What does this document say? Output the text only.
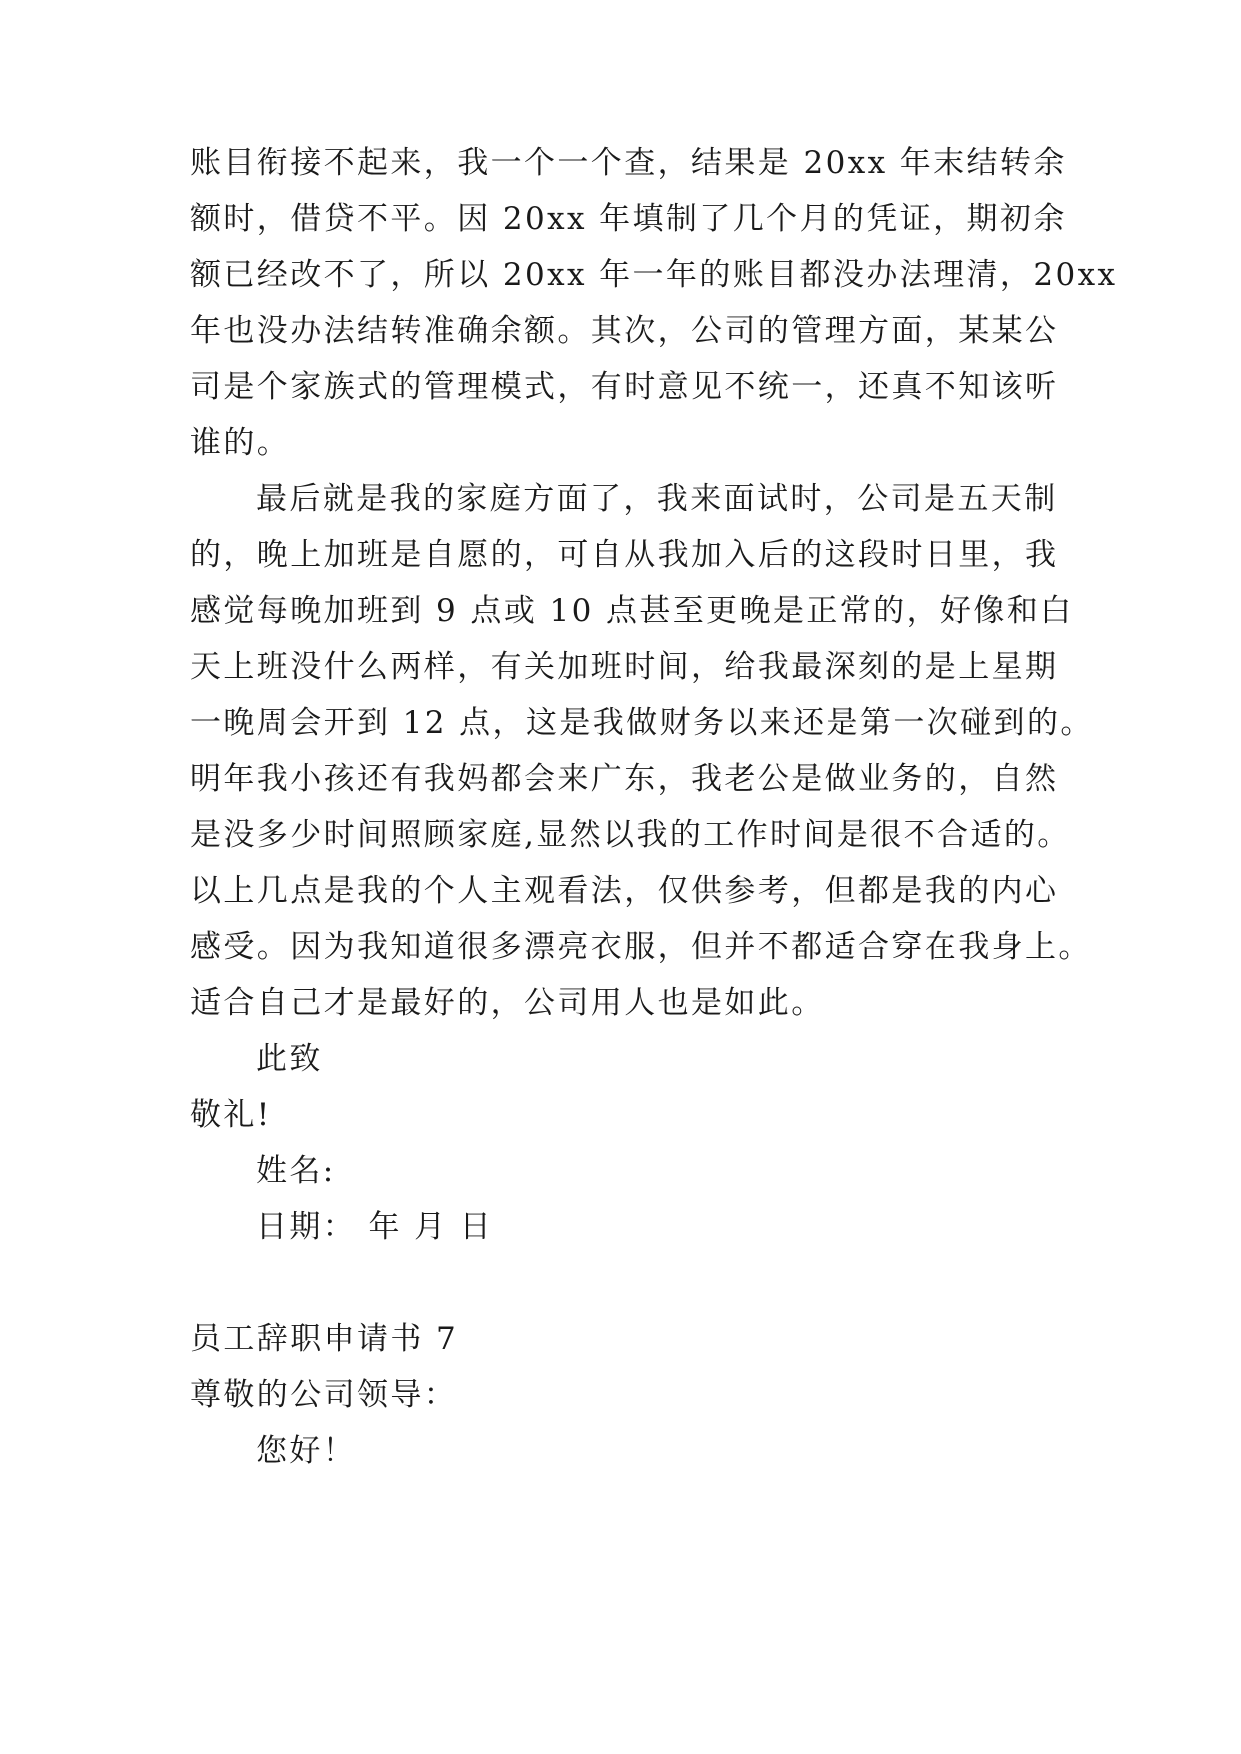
账目衔接不起来，我一个一个查，结果是 20xx 年末结转余
额时，借贷不平。因 20xx 年填制了几个月的凭证，期初余
额已经改不了，所以 20xx 年一年的账目都没办法理清，20xx
年也没办法结转准确余额。其次，公司的管理方面，某某公
司是个家族式的管理模式，有时意见不统一，还真不知该听
谁的。
最后就是我的家庭方面了，我来面试时，公司是五天制
的，晚上加班是自愿的，可自从我加入后的这段时日里，我
感觉每晚加班到 9 点或 10 点甚至更晚是正常的，好像和白
天上班没什么两样，有关加班时间，给我最深刻的是上星期
一晚周会开到 12 点，这是我做财务以来还是第一次碰到的。
明年我小孩还有我妈都会来广东，我老公是做业务的，自然
是没多少时间照顾家庭,显然以我的工作时间是很不合适的。
以上几点是我的个人主观看法，仅供参考，但都是我的内心
感受。因为我知道很多漂亮衣服，但并不都适合穿在我身上。
适合自己才是最好的，公司用人也是如此。
此致
敬礼!
姓名:
日期： 年 月 日
员工辞职申请书 7
尊敬的公司领导：
您好！
